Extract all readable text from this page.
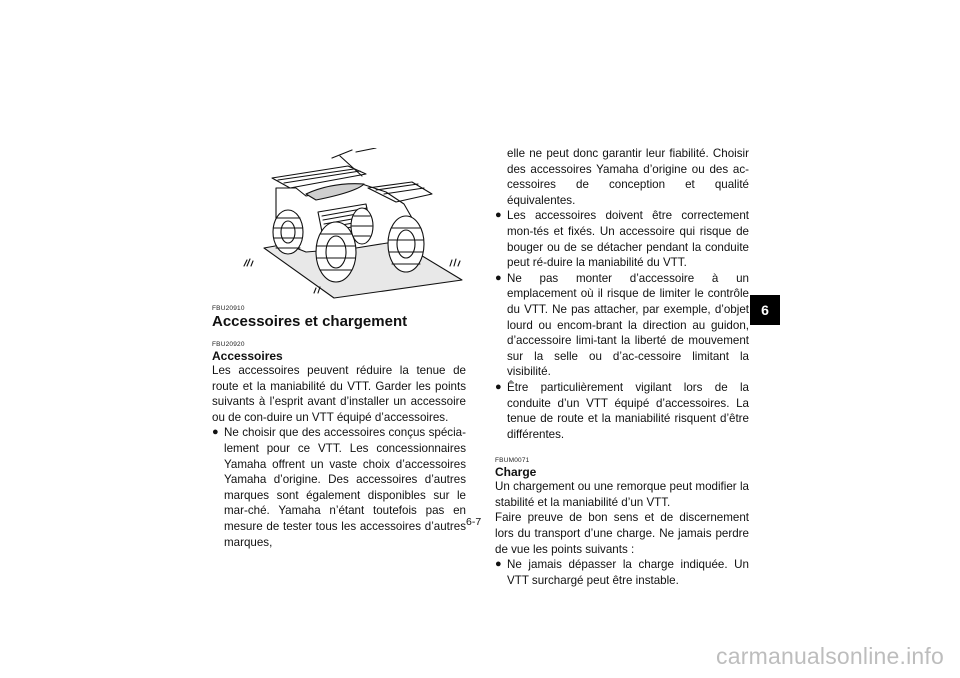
FBU20910
Accessoires et chargement
FBU20920
Accessoires

Les accessoires peuvent réduire la tenue de route et la maniabilité du VTT. Garder les points suivants à l’esprit avant d’installer un accessoire ou de con-duire un VTT équipé d’accessoires.

● Ne choisir que des accessoires conçus spécia-lement pour ce VTT. Les concessionnaires Yamaha offrent un vaste choix d’accessoires Yamaha d’origine. Des accessoires d’autres marques sont également disponibles sur le mar-ché. Yamaha n’étant toutefois pas en mesure de tester tous les accessoires d’autres marques,

elle ne peut donc garantir leur fiabilité. Choisir des accessoires Yamaha d’origine ou des ac-cessoires de conception et qualité équivalentes.

● Les accessoires doivent être correctement mon-tés et fixés. Un accessoire qui risque de bouger ou de se détacher pendant la conduite peut ré-duire la maniabilité du VTT.
● Ne pas monter d’accessoire à un emplacement où il risque de limiter le contrôle du VTT. Ne pas attacher, par exemple, d’objet lourd ou encom-brant la direction au guidon, d’accessoire limi-tant la liberté de mouvement sur la selle ou d’ac-cessoire limitant la visibilité.
● Être particulièrement vigilant lors de la conduite d’un VTT équipé d’accessoires. La tenue de route et la maniabilité risquent d’être différentes.
FBUM0071
Charge

Un chargement ou une remorque peut modifier la stabilité et la maniabilité d’un VTT.

Faire preuve de bon sens et de discernement lors du transport d’une charge. Ne jamais perdre de vue les points suivants :

● Ne jamais dépasser la charge indiquée. Un VTT surchargé peut être instable.
6
6-7
carmanualsonline.info
